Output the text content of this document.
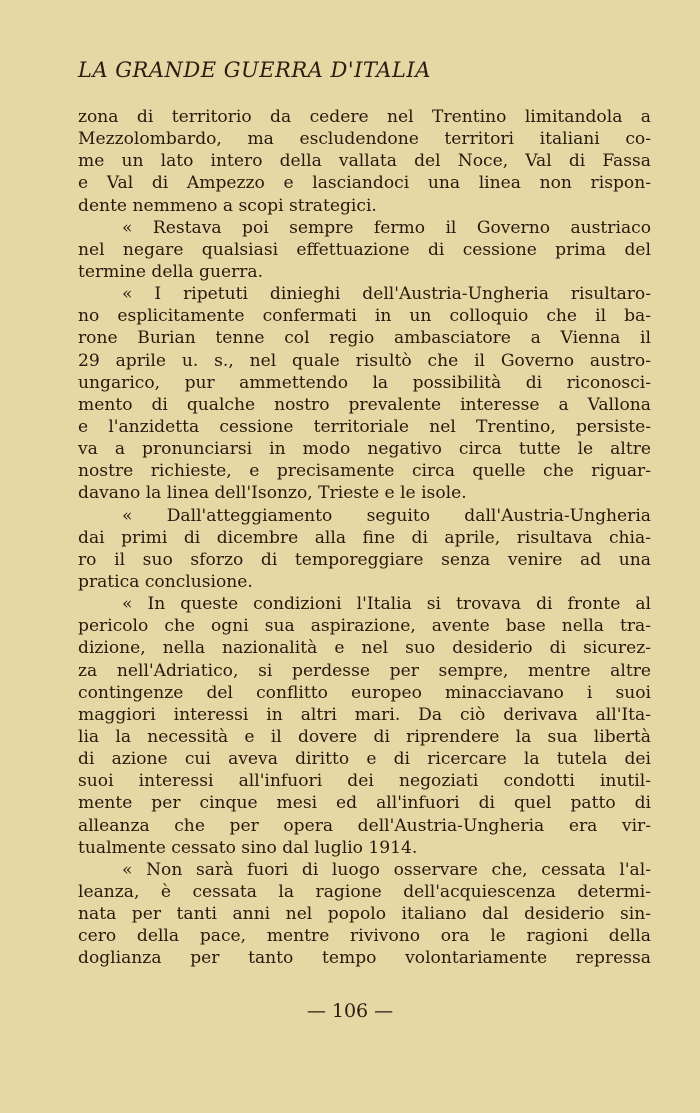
LA GRANDE GUERRA D'ITALIA
zona di territorio da cedere nel Trentino limitandola a
Mezzolombardo, ma escludendone territori italiani co-
me un lato intero della vallata del Noce, Val di Fassa
e Val di Ampezzo e lasciandoci una linea non rispon-
dente nemmeno a scopi strategici.
« Restava poi sempre fermo il Governo austriaco
nel negare qualsiasi effettuazione di cessione prima del
termine della guerra.
« I ripetuti dinieghi dell'Austria-Ungheria risultaro-
no esplicitamente confermati in un colloquio che il ba-
rone Burian tenne col regio ambasciatore a Vienna il
29 aprile u. s., nel quale risultò che il Governo austro-
ungarico, pur ammettendo la possibilità di riconosci-
mento di qualche nostro prevalente interesse a Vallona
e l'anzidetta cessione territoriale nel Trentino, persiste-
va a pronunciarsi in modo negativo circa tutte le altre
nostre richieste, e precisamente circa quelle che riguar-
davano la linea dell'Isonzo, Trieste e le isole.
« Dall'atteggiamento seguito dall'Austria-Ungheria
dai primi di dicembre alla fine di aprile, risultava chia-
ro il suo sforzo di temporeggiare senza venire ad una
pratica conclusione.
« In queste condizioni l'Italia si trovava di fronte al
pericolo che ogni sua aspirazione, avente base nella tra-
dizione, nella nazionalità e nel suo desiderio di sicurez-
za nell'Adriatico, si perdesse per sempre, mentre altre
contingenze del conflitto europeo minacciavano i suoi
maggiori interessi in altri mari. Da ciò derivava all'Ita-
lia la necessità e il dovere di riprendere la sua libertà
di azione cui aveva diritto e di ricercare la tutela dei
suoi interessi all'infuori dei negoziati condotti inutil-
mente per cinque mesi ed all'infuori di quel patto di
alleanza che per opera dell'Austria-Ungheria era vir-
tualmente cessato sino dal luglio 1914.
« Non sarà fuori di luogo osservare che, cessata l'al-
leanza, è cessata la ragione dell'acquiescenza determi-
nata per tanti anni nel popolo italiano dal desiderio sin-
cero della pace, mentre rivivono ora le ragioni della
doglianza per tanto tempo volontariamente repressa
— 106 —
